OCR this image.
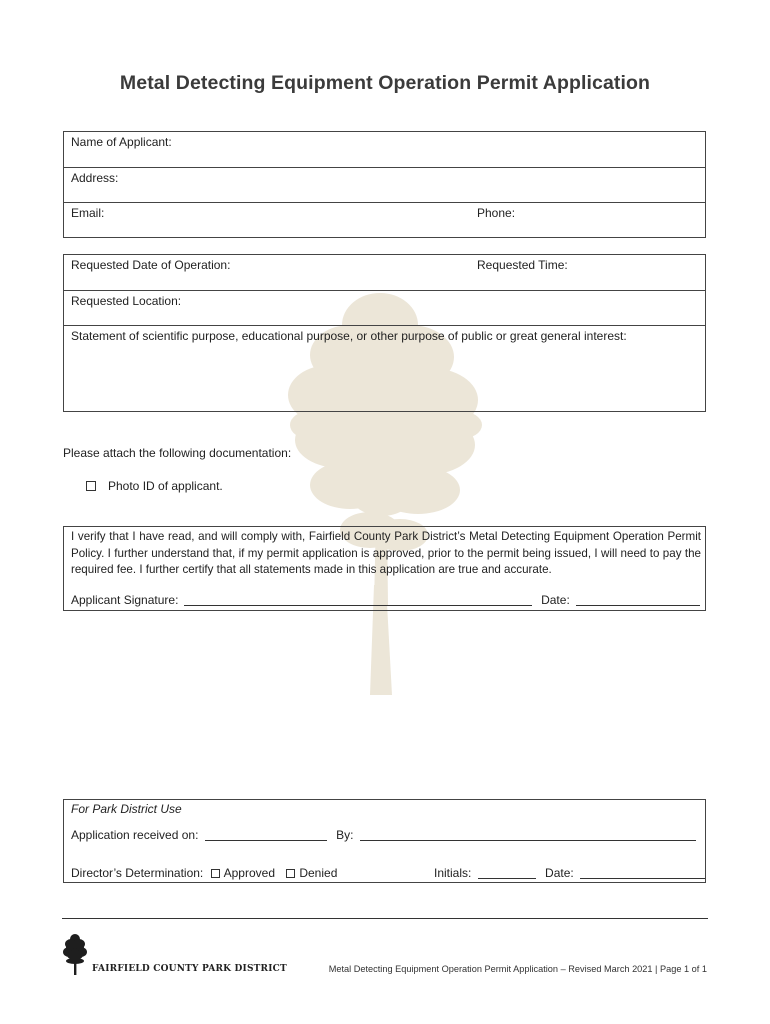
Metal Detecting Equipment Operation Permit Application
Name of Applicant:
Address:
Email:	Phone:
Requested Date of Operation:	Requested Time:
Requested Location:
Statement of scientific purpose, educational purpose, or other purpose of public or great general interest:
Please attach the following documentation:
Photo ID of applicant.
I verify that I have read, and will comply with, Fairfield County Park District’s Metal Detecting Equipment Operation Permit Policy. I further understand that, if my permit application is approved, prior to the permit being issued, I will need to pay the required fee. I further certify that all statements made in this application are true and accurate.
Applicant Signature:	Date:
For Park District Use
Application received on:	By:
Director’s Determination: Approved Denied	Initials:	Date:
FAIRFIELD COUNTY PARK DISTRICT	Metal Detecting Equipment Operation Permit Application – Revised March 2021 | Page 1 of 1
